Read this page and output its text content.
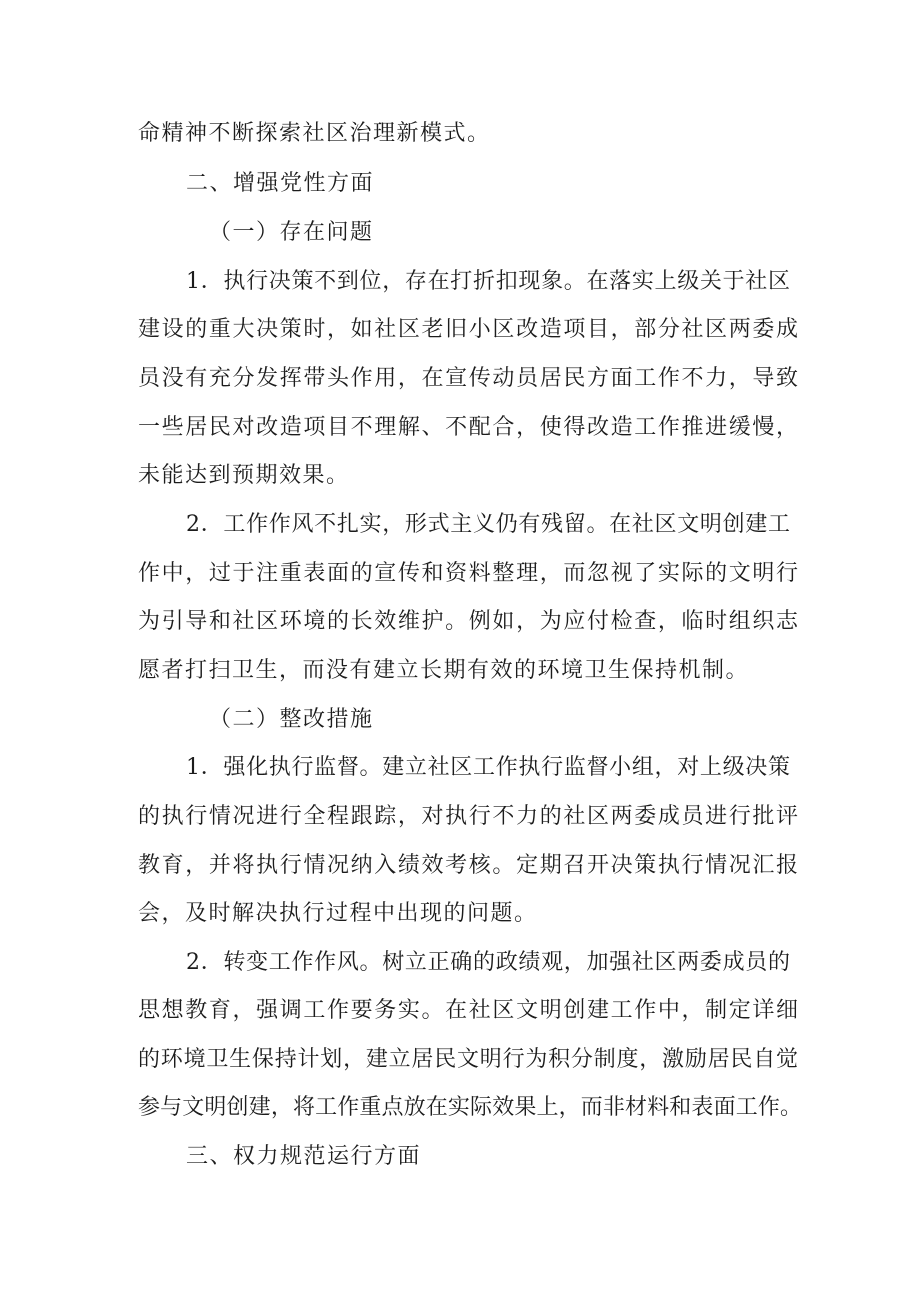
命精神不断探索社区治理新模式。
二、增强党性方面
（一）存在问题
1．执行决策不到位，存在打折扣现象。在落实上级关于社区
建设的重大决策时，如社区老旧小区改造项目，部分社区两委成
员没有充分发挥带头作用，在宣传动员居民方面工作不力，导致
一些居民对改造项目不理解、不配合，使得改造工作推进缓慢，
未能达到预期效果。
2．工作作风不扎实，形式主义仍有残留。在社区文明创建工
作中，过于注重表面的宣传和资料整理，而忽视了实际的文明行
为引导和社区环境的长效维护。例如，为应付检查，临时组织志
愿者打扫卫生，而没有建立长期有效的环境卫生保持机制。
（二）整改措施
1．强化执行监督。建立社区工作执行监督小组，对上级决策
的执行情况进行全程跟踪，对执行不力的社区两委成员进行批评
教育，并将执行情况纳入绩效考核。定期召开决策执行情况汇报
会，及时解决执行过程中出现的问题。
2．转变工作作风。树立正确的政绩观，加强社区两委成员的
思想教育，强调工作要务实。在社区文明创建工作中，制定详细
的环境卫生保持计划，建立居民文明行为积分制度，激励居民自觉
参与文明创建，将工作重点放在实际效果上，而非材料和表面工作。
三、权力规范运行方面
